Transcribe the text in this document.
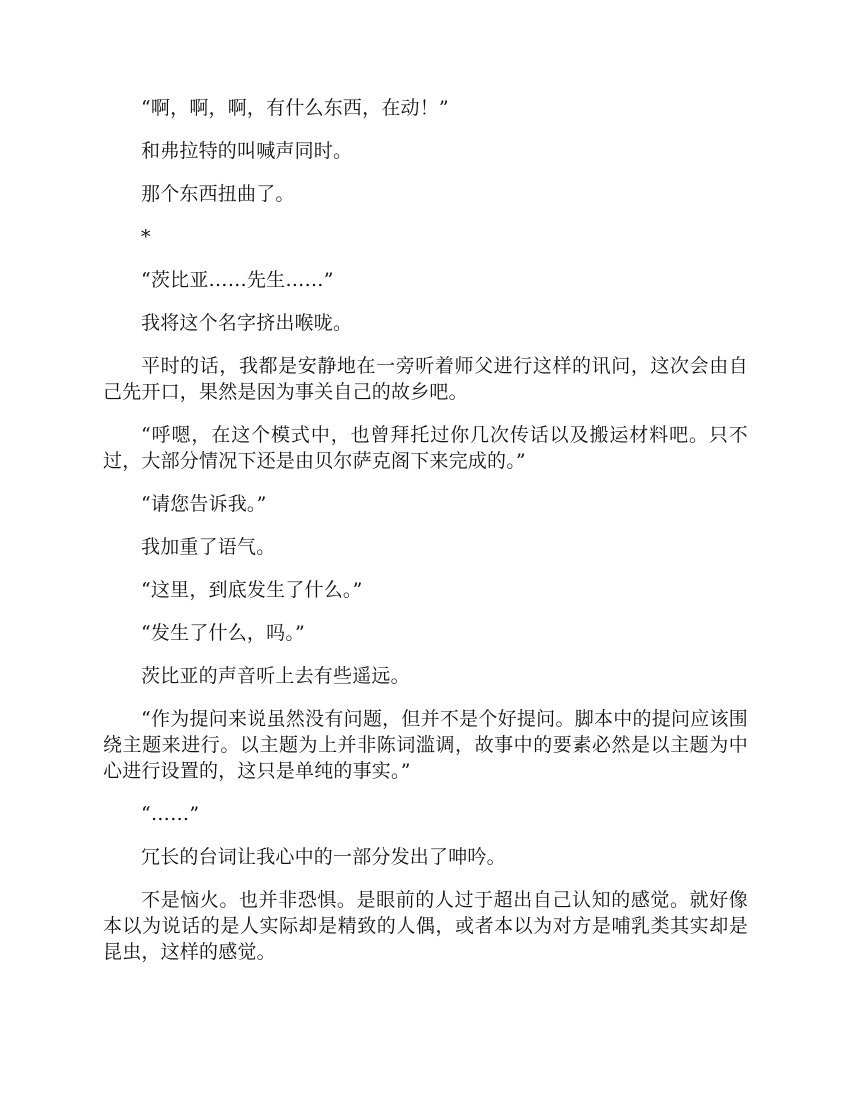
“啊，啊，啊，有什么东西，在动！”

和弗拉特的叫喊声同时。

那个东西扭曲了。

*

“茨比亚……先生……”

我将这个名字挤出喉咙。

平时的话，我都是安静地在一旁听着师父进行这样的讯问，这次会由自己先开口，果然是因为事关自己的故乡吧。

“呼嗯，在这个模式中，也曾拜托过你几次传话以及搬运材料吧。只不过，大部分情况下还是由贝尔萨克阁下来完成的。”

“请您告诉我。”

我加重了语气。

“这里，到底发生了什么。”

“发生了什么，吗。”

茨比亚的声音听上去有些遥远。

“作为提问来说虽然没有问题，但并不是个好提问。脚本中的提问应该围绕主题来进行。以主题为上并非陈词滥调，故事中的要素必然是以主题为中心进行设置的，这只是单纯的事实。”

“……”

冗长的台词让我心中的一部分发出了呻吟。

不是恼火。也并非恐惧。是眼前的人过于超出自己认知的感觉。就好像本以为说话的是人实际却是精致的人偶，或者本以为对方是哺乳类其实却是昆虫，这样的感觉。
